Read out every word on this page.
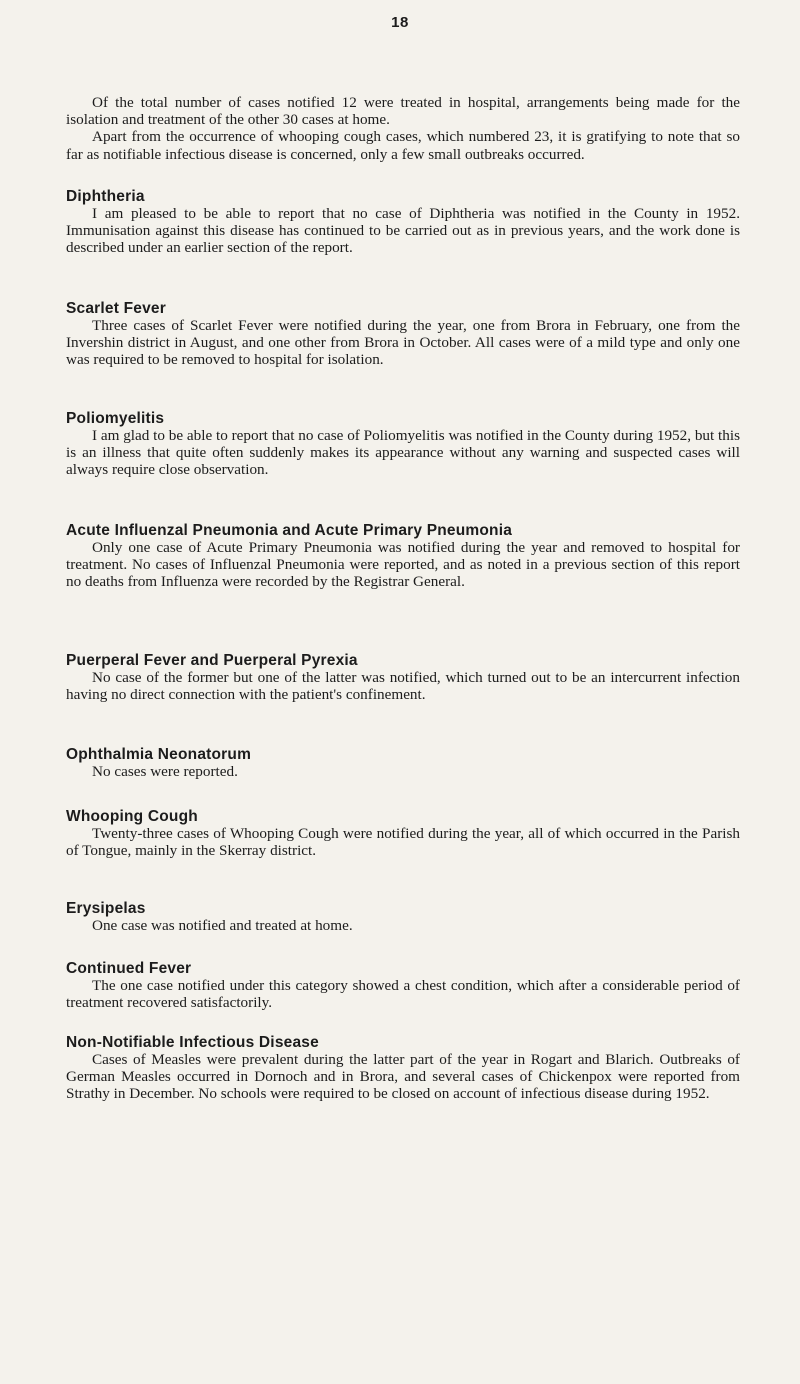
18

Of the total number of cases notified 12 were treated in hospital, arrangements being made for the isolation and treatment of the other 30 cases at home.

Apart from the occurrence of whooping cough cases, which numbered 23, it is gratifying to note that so far as notifiable infectious disease is concerned, only a few small outbreaks occurred.

Diphtheria

I am pleased to be able to report that no case of Diphtheria was notified in the County in 1952. Immunisation against this disease has continued to be carried out as in previous years, and the work done is described under an earlier section of the report.

Scarlet Fever

Three cases of Scarlet Fever were notified during the year, one from Brora in February, one from the Invershin district in August, and one other from Brora in October. All cases were of a mild type and only one was required to be removed to hospital for isolation.

Poliomyelitis

I am glad to be able to report that no case of Poliomyelitis was notified in the County during 1952, but this is an illness that quite often suddenly makes its appearance without any warning and suspected cases will always require close observation.

Acute Influenzal Pneumonia and Acute Primary Pneumonia

Only one case of Acute Primary Pneumonia was notified during the year and removed to hospital for treatment. No cases of Influenzal Pneumonia were reported, and as noted in a previous section of this report no deaths from Influenza were recorded by the Registrar General.

Puerperal Fever and Puerperal Pyrexia

No case of the former but one of the latter was notified, which turned out to be an intercurrent infection having no direct connection with the patient's confinement.

Ophthalmia Neonatorum

No cases were reported.

Whooping Cough

Twenty-three cases of Whooping Cough were notified during the year, all of which occurred in the Parish of Tongue, mainly in the Skerray district.

Erysipelas

One case was notified and treated at home.

Continued Fever

The one case notified under this category showed a chest condition, which after a considerable period of treatment recovered satisfactorily.

Non-Notifiable Infectious Disease

Cases of Measles were prevalent during the latter part of the year in Rogart and Blarich. Outbreaks of German Measles occurred in Dornoch and in Brora, and several cases of Chickenpox were reported from Strathy in December. No schools were required to be closed on account of infectious disease during 1952.
